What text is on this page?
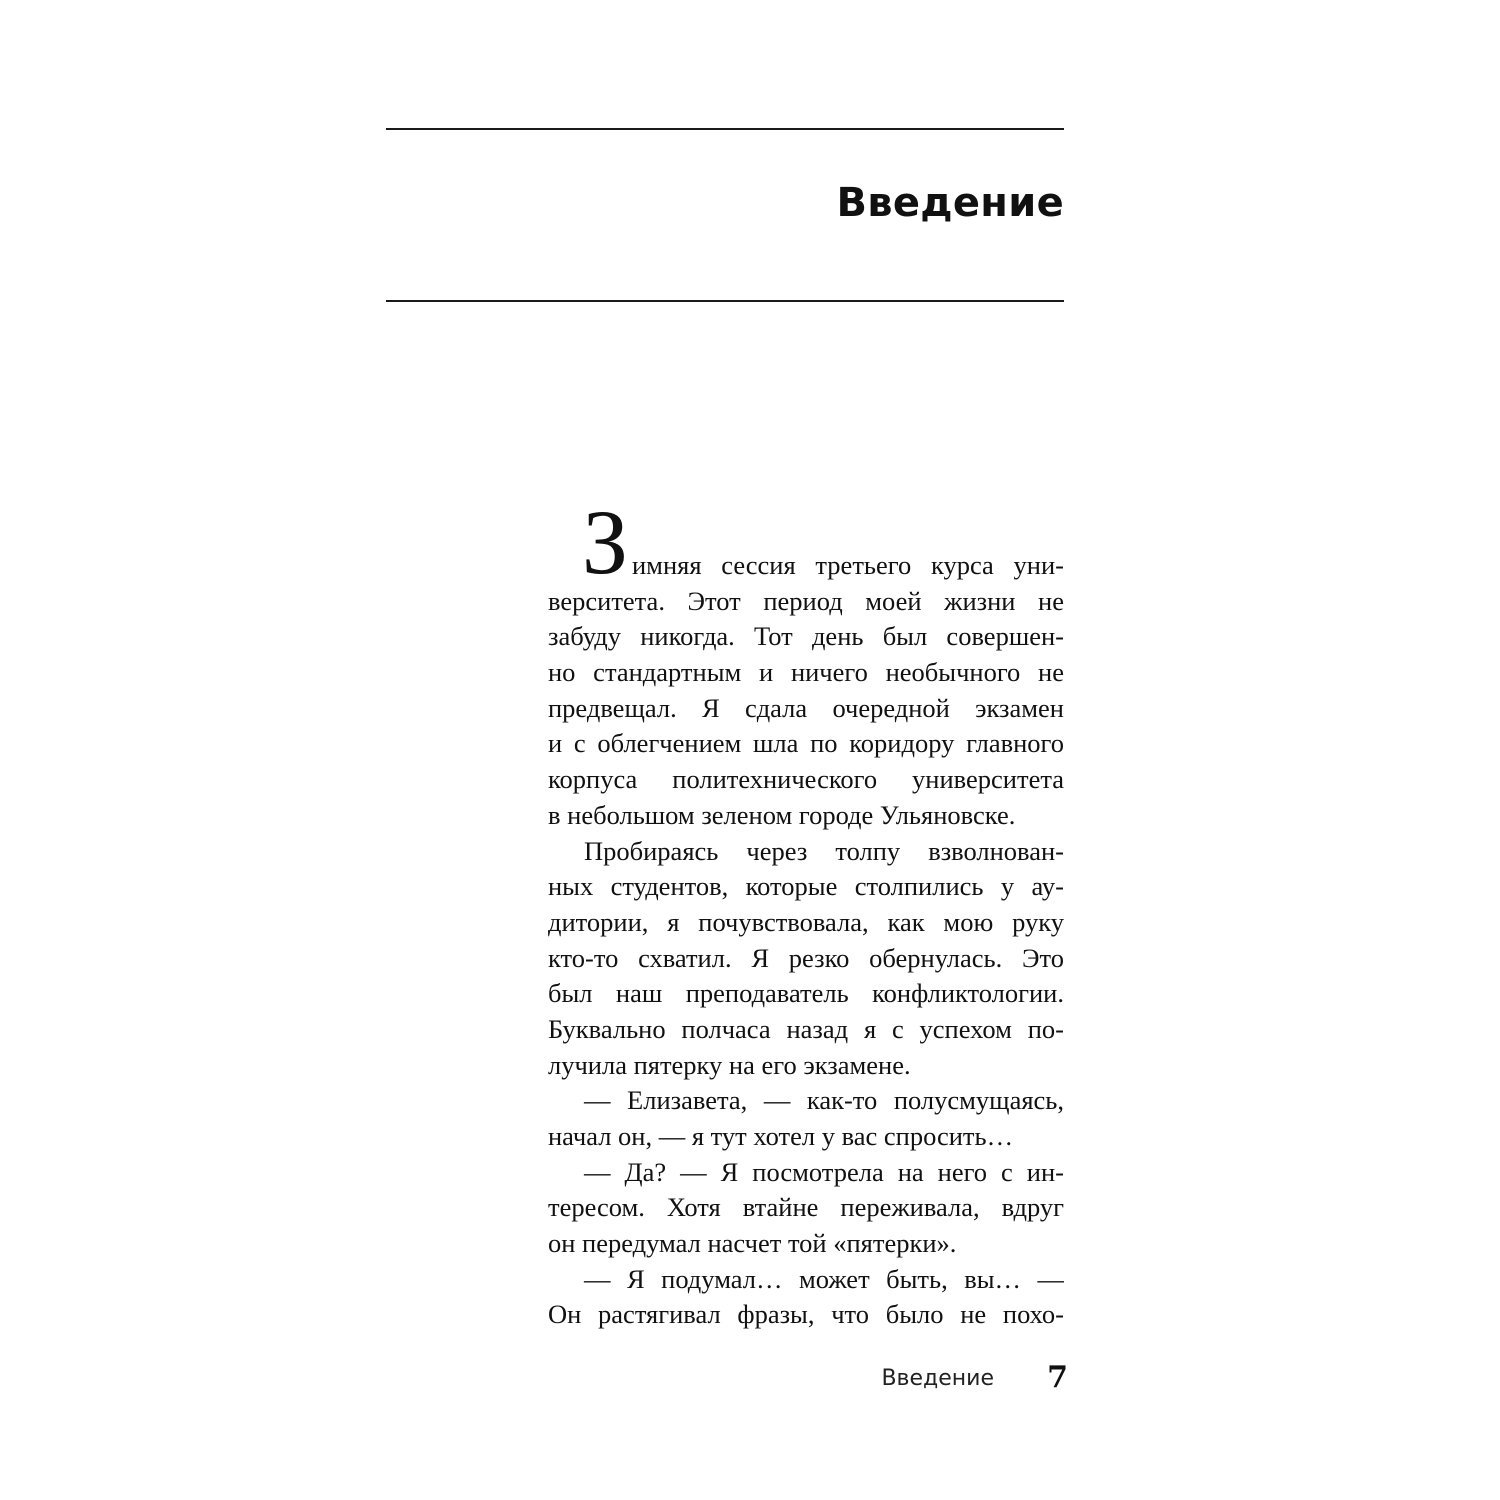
Введение
З имняя сессия третьего курса уни-
верситета. Этот период моей жизни не
забуду никогда. Тот день был совершен-
но стандартным и ничего необычного не
предвещал. Я сдала очередной экзамен
и с облегчением шла по коридору главного
корпуса политехнического университета
в небольшом зеленом городе Ульяновске.
Пробираясь через толпу взволнован-
ных студентов, которые столпились у ау-
дитории, я почувствовала, как мою руку
кто-то схватил. Я резко обернулась. Это
был наш преподаватель конфликтологии.
Буквально полчаса назад я с успехом по-
лучила пятерку на его экзамене.
— Елизавета, — как-то полусмущаясь,
начал он, — я тут хотел у вас спросить…
— Да? — Я посмотрела на него с ин-
тересом. Хотя втайне переживала, вдруг
он передумал насчет той «пятерки».
— Я подумал… может быть, вы… —
Он растягивал фразы, что было не похо-
Введение 7
